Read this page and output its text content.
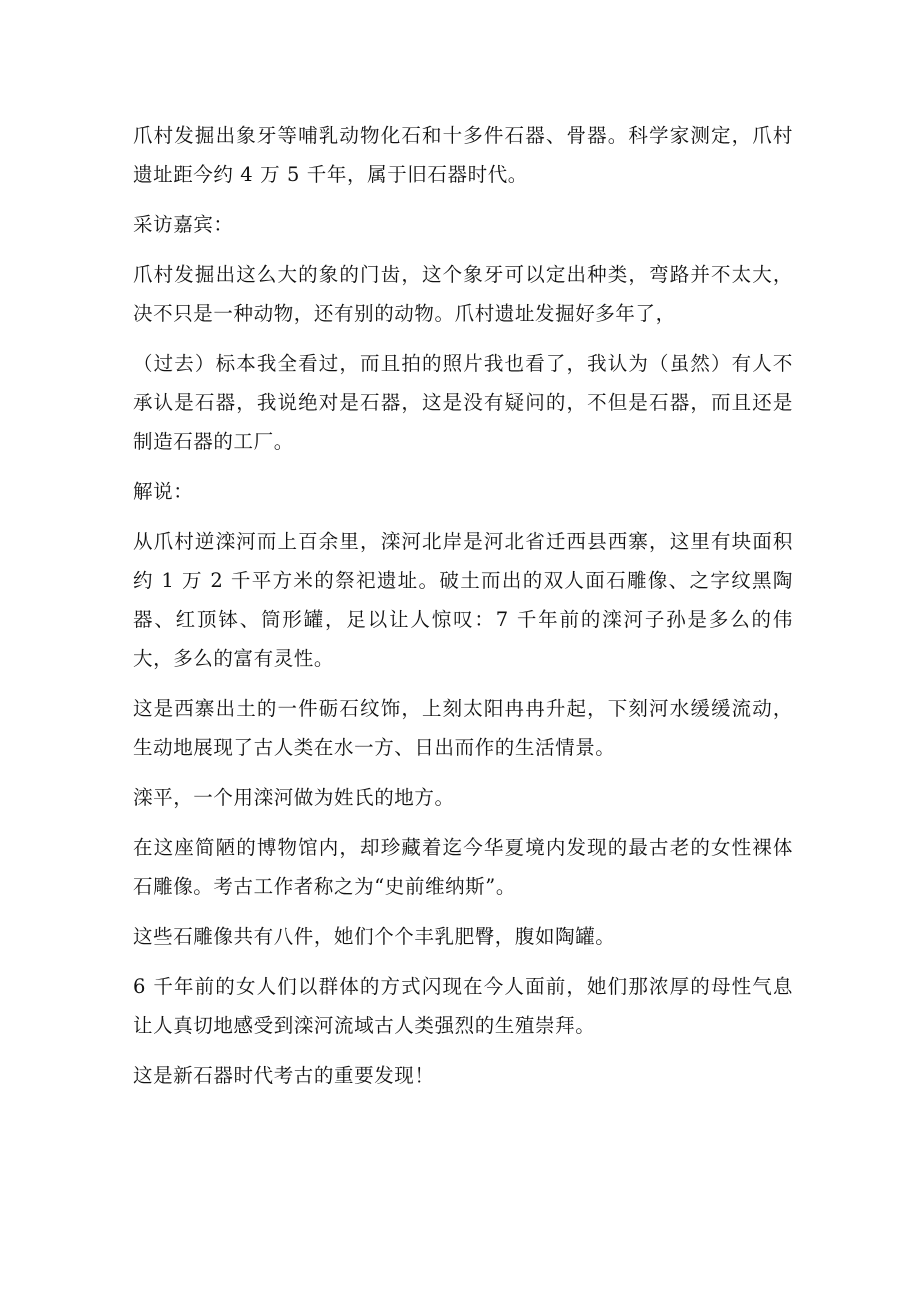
爪村发掘出象牙等哺乳动物化石和十多件石器、骨器。科学家测定，爪村遗址距今约 4 万 5 千年，属于旧石器时代。

采访嘉宾：

爪村发掘出这么大的象的门齿，这个象牙可以定出种类，弯路并不太大，决不只是一种动物，还有别的动物。爪村遗址发掘好多年了，

（过去）标本我全看过，而且拍的照片我也看了，我认为（虽然）有人不承认是石器，我说绝对是石器，这是没有疑问的，不但是石器，而且还是制造石器的工厂。

解说：

从爪村逆滦河而上百余里，滦河北岸是河北省迁西县西寨，这里有块面积约 1 万 2 千平方米的祭祀遗址。破土而出的双人面石雕像、之字纹黑陶器、红顶钵、筒形罐，足以让人惊叹：7 千年前的滦河子孙是多么的伟大，多么的富有灵性。

这是西寨出土的一件砺石纹饰，上刻太阳冉冉升起，下刻河水缓缓流动，生动地展现了古人类在水一方、日出而作的生活情景。

滦平，一个用滦河做为姓氏的地方。

在这座简陋的博物馆内，却珍藏着迄今华夏境内发现的最古老的女性裸体石雕像。考古工作者称之为“史前维纳斯”。

这些石雕像共有八件，她们个个丰乳肥臀，腹如陶罐。

6 千年前的女人们以群体的方式闪现在今人面前，她们那浓厚的母性气息让人真切地感受到滦河流域古人类强烈的生殖崇拜。

这是新石器时代考古的重要发现！
